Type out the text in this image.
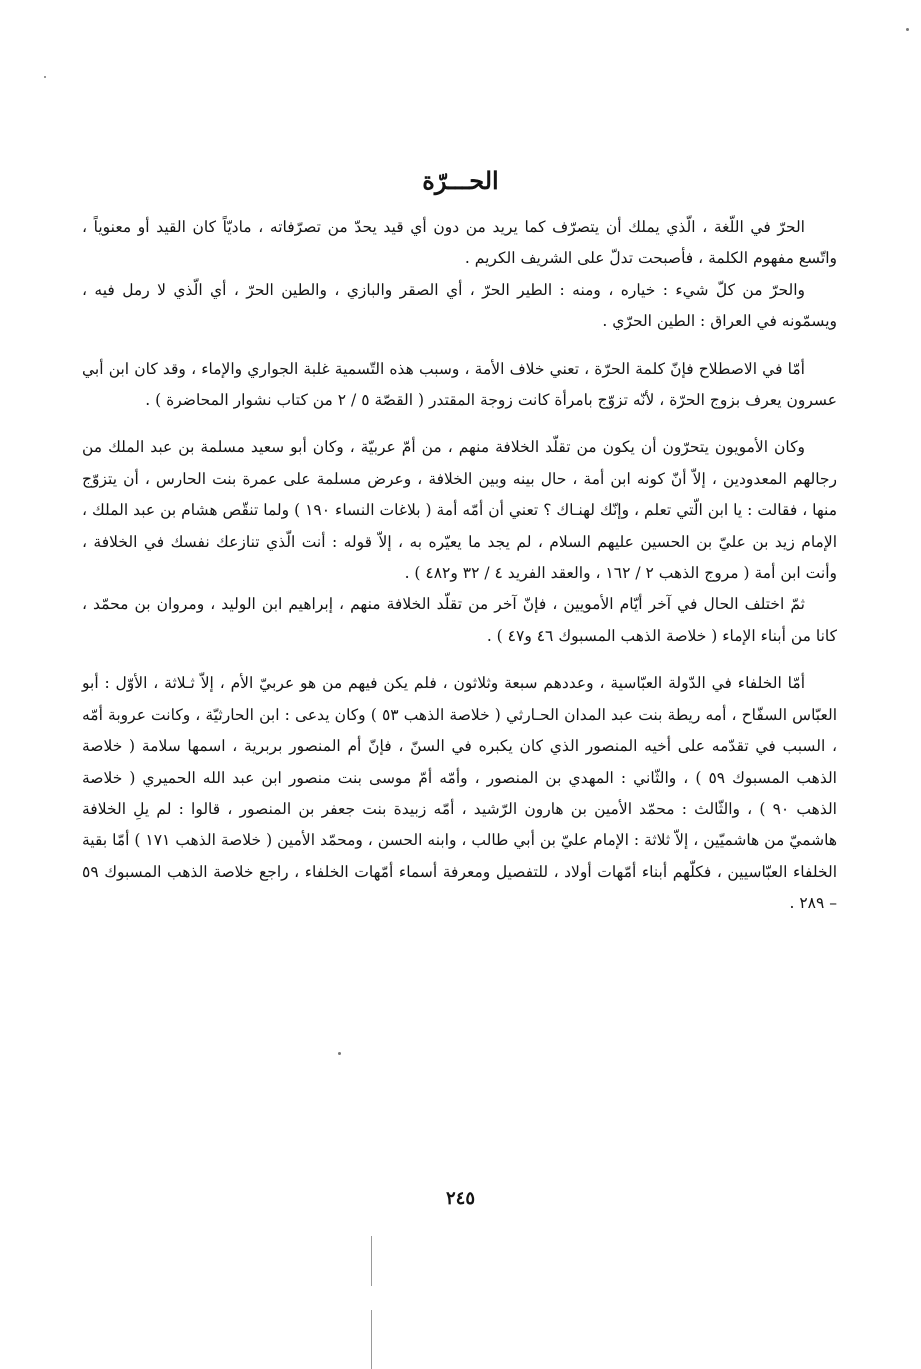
الحـــرّة

الحرّ في اللّغة ، الّذي يملك أن يتصرّف كما يريد من دون أي قيد يحدّ من تصرّفاته ، ماديّاً كان القيد أو معنوياً ، واتّسع مفهوم الكلمة ، فأصبحت تدلّ على الشريف الكريم .

والحرّ من كلّ شيء : خياره ، ومنه : الطير الحرّ ، أي الصقر والبازي ، والطين الحرّ ، أي الّذي لا رمل فيه ، ويسمّونه في العراق : الطين الحرّي .

أمّا في الاصطلاح فإنّ كلمة الحرّة ، تعني خلاف الأمة ، وسبب هذه التّسمية غلبة الجواري والإماء ، وقد كان ابن أبي عسرون يعرف بزوج الحرّة ، لأنّه تزوّج بامرأة كانت زوجة المقتدر ( القصّة ٥ / ٢ من كتاب نشوار المحاضرة ) .

وكان الأمويون يتحرّون أن يكون من تقلّد الخلافة منهم ، من أمّ عربيّة ، وكان أبو سعيد مسلمة بن عبد الملك من رجالهم المعدودين ، إلاّ أنّ كونه ابن أمة ، حال بينه وبين الخلافة ، وعرض مسلمة على عمرة بنت الحارس ، أن يتزوّج منها ، فقالت : يا ابن الّتي تعلم ، وإنّك لهنـاك ؟ تعني أن أمّه أمة ( بلاغات النساء ١٩٠ ) ولما تنقّص هشام بن عبد الملك ، الإمام زيد بن عليّ بن الحسين عليهم السلام ، لم يجد ما يعيّره به ، إلاّ قوله : أنت الّذي تنازعك نفسك في الخلافة ، وأنت ابن أمة ( مروج الذهب ٢ / ١٦٢ ، والعقد الفريد ٤ / ٣٢ و٤٨٢ ) .

ثمّ اختلف الحال في آخر أيّام الأمويين ، فإنّ آخر من تقلّد الخلافة منهم ، إبراهيم ابن الوليد ، ومروان بن محمّد ، كانا من أبناء الإماء ( خلاصة الذهب المسبوك ٤٦ و٤٧ ) .

أمّا الخلفاء في الدّولة العبّاسية ، وعددهم سبعة وثلاثون ، فلم يكن فيهم من هو عربيّ الأم ، إلاّ ثـلاثة ، الأوّل : أبو العبّاس السفّاح ، أمه ريطة بنت عبد المدان الحـارثي ( خلاصة الذهب ٥٣ ) وكان يدعى : ابن الحارثيّة ، وكانت عروبة أمّه ، السبب في تقدّمه على أخيه المنصور الذي كان يكبره في السنّ ، فإنّ أم المنصور بربرية ، اسمها سلامة ( خلاصة الذهب المسبوك ٥٩ ) ، والثّاني : المهدي بن المنصور ، وأمّه أمّ موسى بنت منصور ابن عبد الله الحميري ( خلاصة الذهب ٩٠ ) ، والثّالث : محمّد الأمين بن هارون الرّشيد ، أمّه زبيدة بنت جعفر بن المنصور ، قالوا : لم يلِ الخلافة هاشميّ من هاشميّين ، إلاّ ثلاثة : الإمام عليّ بن أبي طالب ، وابنه الحسن ، ومحمّد الأمين ( خلاصة الذهب ١٧١ ) أمّا بقية الخلفاء العبّاسيين ، فكلّهم أبناء أمّهات أولاد ، للتفصيل ومعرفة أسماء أمّهات الخلفاء ، راجع خلاصة الذهب المسبوك ٥٩ – ٢٨٩ .

٢٤٥
